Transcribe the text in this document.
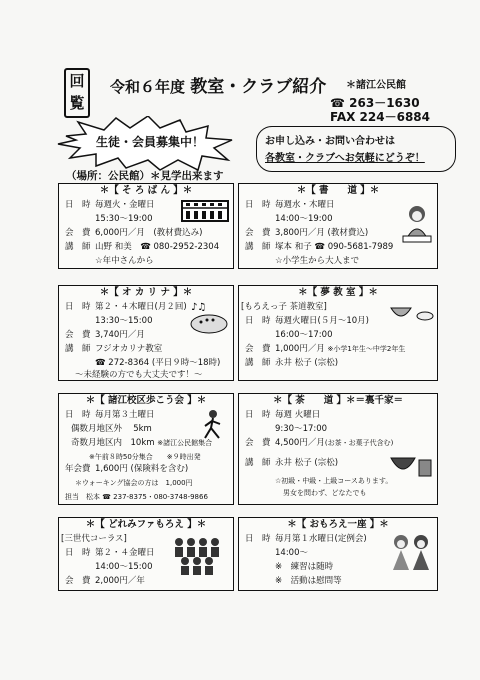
回覧
令和６年度 教室・クラブ紹介 ＊諸江公民館
☎ 263－1630
FAX 224－6884
生徒・会員募集中！	お申し込み・お問い合わせは
各教室・クラブへお気軽にどうぞ！
（場所：公民館）＊見学出来ます
＊【 そ ろ ば ん 】＊
日　時 毎週火・金曜日
15:30～19:00
会　費 6,000円／月　(教材費込み)
講　師 山野 和美　☎ 080-2952-2304
☆年中さんから
＊【 書　　道 】＊
日　時 毎週水・木曜日
14:00～19:00
会　費 3,800円／月 (教材費込)
講　師 塚本 和子 ☎ 090-5681-7989
☆小学生から大人まで
＊【 オ カ リ ナ 】＊
日　時 第２・４木曜日(月２回)
13:30～15:00
会　費 3,740円／月
講　師 フジオカリナ教室
☎ 272-8364 (平日９時～18時)
～未経験の方でも大丈夫です！～
♪♫
＊【 夢 教 室 】＊
[もろえっ子 茶道教室]
日　時 毎週火曜日(５月～10月)
16:00～17:00
会　費 1,000円／月 ※小学1年生～中学2年生
講　師 永井 松子 (宗松)
＊【 諸江校区歩こう会 】＊
日　時 毎月第３土曜日
偶数月地区外　 5km
奇数月地区内　10km ※諸江公民館集合
※午前８時50分集合　　※９時出発
年会費 1,600円 (保険料を含む)
＊ウォーキング協会の方は　1,000円
担当　 松本 ☎ 237-8375・080-3748-9866
＊【 茶　　道 】＊＝裏千家＝
日　時 毎週 火曜日
9:30～17:00
会　費 4,500円／月(お茶・お菓子代含む)
講　師 永井 松子 (宗松)
☆初級・中級・上級コースあります。
男女を問わず、どなたでも
＊【 どれみファもろえ 】＊
[三世代コーラス]
日　時 第２・４金曜日
14:00～15:00
会　費 2,000円／年
＊【 おもろえ一座 】＊
日　時 毎月第１水曜日(定例会)
14:00～
※　練習は随時
※　活動は慰問等
